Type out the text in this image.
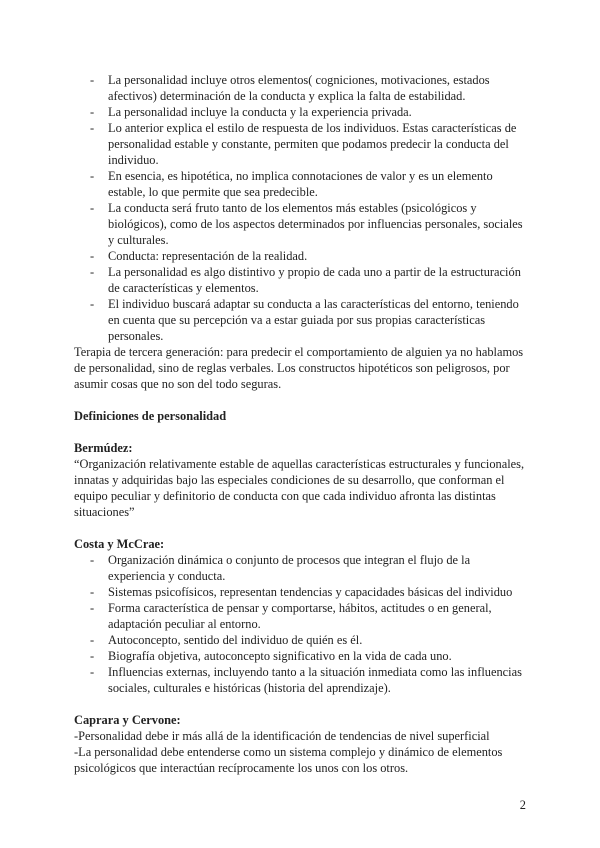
- La personalidad incluye otros elementos( cogniciones, motivaciones, estados afectivos) determinación de la conducta y explica la falta de estabilidad.
- La personalidad incluye la conducta y la experiencia privada.
- Lo anterior explica el estilo de respuesta de los individuos. Estas características de personalidad estable y constante, permiten que podamos predecir la conducta del individuo.
- En esencia, es hipotética, no implica connotaciones de valor y es un elemento estable, lo que permite que sea predecible.
- La conducta será fruto tanto de los elementos más estables (psicológicos y biológicos), como de los aspectos determinados por influencias personales, sociales y culturales.
- Conducta: representación de la realidad.
- La personalidad es algo distintivo y propio de cada uno a partir de la estructuración de características y elementos.
- El individuo buscará adaptar su conducta a las características del entorno, teniendo en cuenta que su percepción va a estar guiada por sus propias características personales.

Terapia de tercera generación: para predecir el comportamiento de alguien ya no hablamos de personalidad, sino de reglas verbales. Los constructos hipotéticos son peligrosos, por asumir cosas que no son del todo seguras.

Definiciones de personalidad

Bermúdez:

“Organización relativamente estable de aquellas características estructurales y funcionales, innatas y adquiridas bajo las especiales condiciones de su desarrollo, que conforman el equipo peculiar y definitorio de conducta con que cada individuo afronta las distintas situaciones”

Costa y McCrae:

- Organización dinámica o conjunto de procesos que integran el flujo de la experiencia y conducta.
- Sistemas psicofísicos, representan tendencias y capacidades básicas del individuo
- Forma característica de pensar y comportarse, hábitos, actitudes o en general, adaptación peculiar al entorno.
- Autoconcepto, sentido del individuo de quién es él.
- Biografía objetiva, autoconcepto significativo en la vida de cada uno.
- Influencias externas, incluyendo tanto a la situación inmediata como las influencias sociales, culturales e históricas (historia del aprendizaje).

Caprara y Cervone:

-Personalidad debe ir más allá de la identificación de tendencias de nivel superficial

-La personalidad debe entenderse como un sistema complejo y dinámico de elementos psicológicos que interactúan recíprocamente los unos con los otros.

2
